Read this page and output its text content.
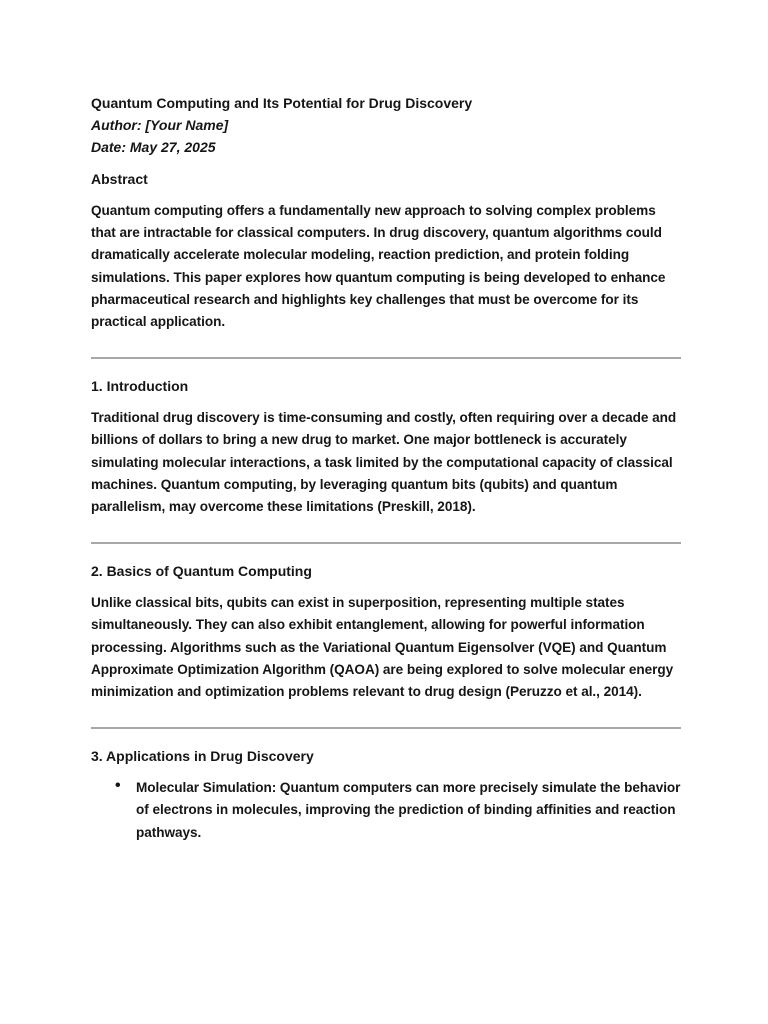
Quantum Computing and Its Potential for Drug Discovery
Author: [Your Name]
Date: May 27, 2025
Abstract

Quantum computing offers a fundamentally new approach to solving complex problems that are intractable for classical computers. In drug discovery, quantum algorithms could dramatically accelerate molecular modeling, reaction prediction, and protein folding simulations. This paper explores how quantum computing is being developed to enhance pharmaceutical research and highlights key challenges that must be overcome for its practical application.

1. Introduction

Traditional drug discovery is time-consuming and costly, often requiring over a decade and billions of dollars to bring a new drug to market. One major bottleneck is accurately simulating molecular interactions, a task limited by the computational capacity of classical machines. Quantum computing, by leveraging quantum bits (qubits) and quantum parallelism, may overcome these limitations (Preskill, 2018).

2. Basics of Quantum Computing

Unlike classical bits, qubits can exist in superposition, representing multiple states simultaneously. They can also exhibit entanglement, allowing for powerful information processing. Algorithms such as the Variational Quantum Eigensolver (VQE) and Quantum Approximate Optimization Algorithm (QAOA) are being explored to solve molecular energy minimization and optimization problems relevant to drug design (Peruzzo et al., 2014).

3. Applications in Drug Discovery
• Molecular Simulation: Quantum computers can more precisely simulate the behavior of electrons in molecules, improving the prediction of binding affinities and reaction pathways.
